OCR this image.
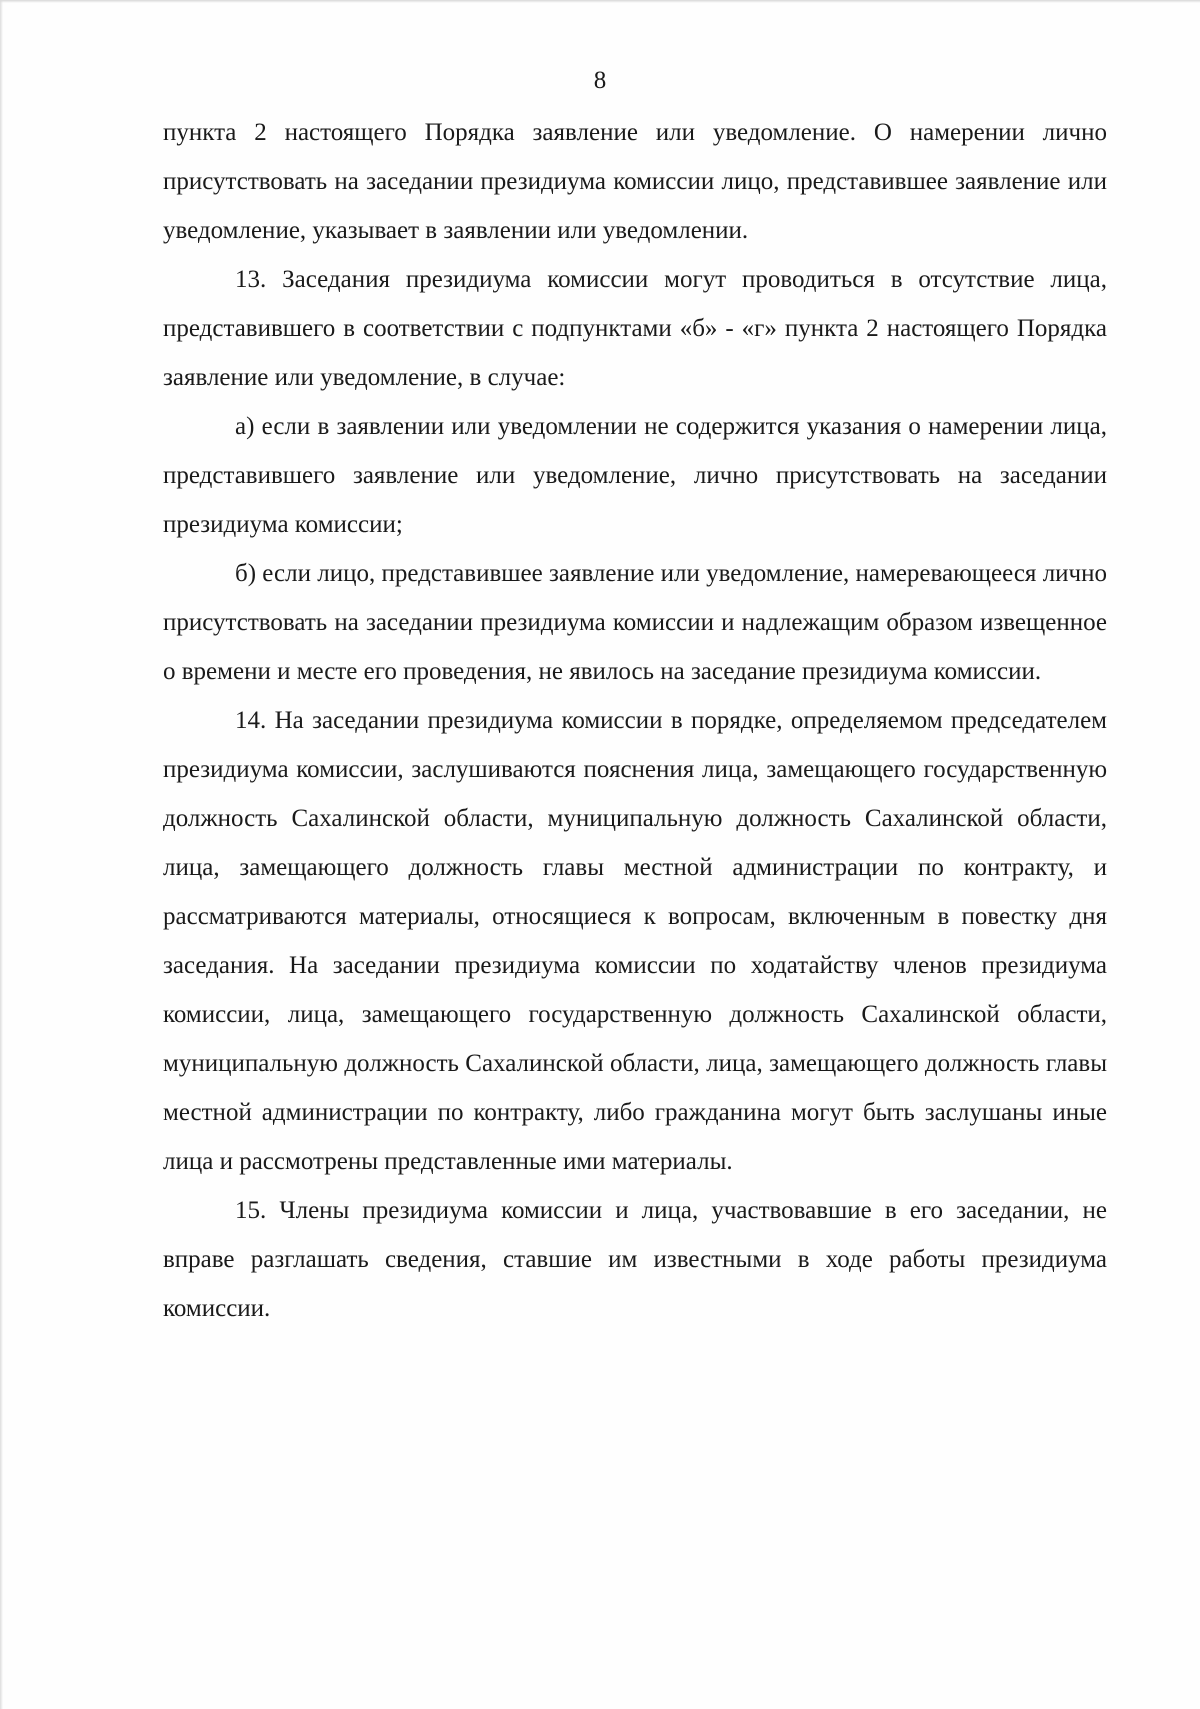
8

пункта 2 настоящего Порядка заявление или уведомление. О намерении лично присутствовать на заседании президиума комиссии лицо, представившее заявление или уведомление, указывает в заявлении или уведомлении.

13. Заседания президиума комиссии могут проводиться в отсутствие лица, представившего в соответствии с подпунктами «б» - «г» пункта 2 настоящего Порядка заявление или уведомление, в случае:

а) если в заявлении или уведомлении не содержится указания о намерении лица, представившего заявление или уведомление, лично присутствовать на заседании президиума комиссии;

б) если лицо, представившее заявление или уведомление, намеревающееся лично присутствовать на заседании президиума комиссии и надлежащим образом извещенное о времени и месте его проведения, не явилось на заседание президиума комиссии.

14. На заседании президиума комиссии в порядке, определяемом председателем президиума комиссии, заслушиваются пояснения лица, замещающего государственную должность Сахалинской области, муниципальную должность Сахалинской области, лица, замещающего должность главы местной администрации по контракту, и рассматриваются материалы, относящиеся к вопросам, включенным в повестку дня заседания. На заседании президиума комиссии по ходатайству членов президиума комиссии, лица, замещающего государственную должность Сахалинской области, муниципальную должность Сахалинской области, лица, замещающего должность главы местной администрации по контракту, либо гражданина могут быть заслушаны иные лица и рассмотрены представленные ими материалы.

15. Члены президиума комиссии и лица, участвовавшие в его заседании, не вправе разглашать сведения, ставшие им известными в ходе работы президиума комиссии.
